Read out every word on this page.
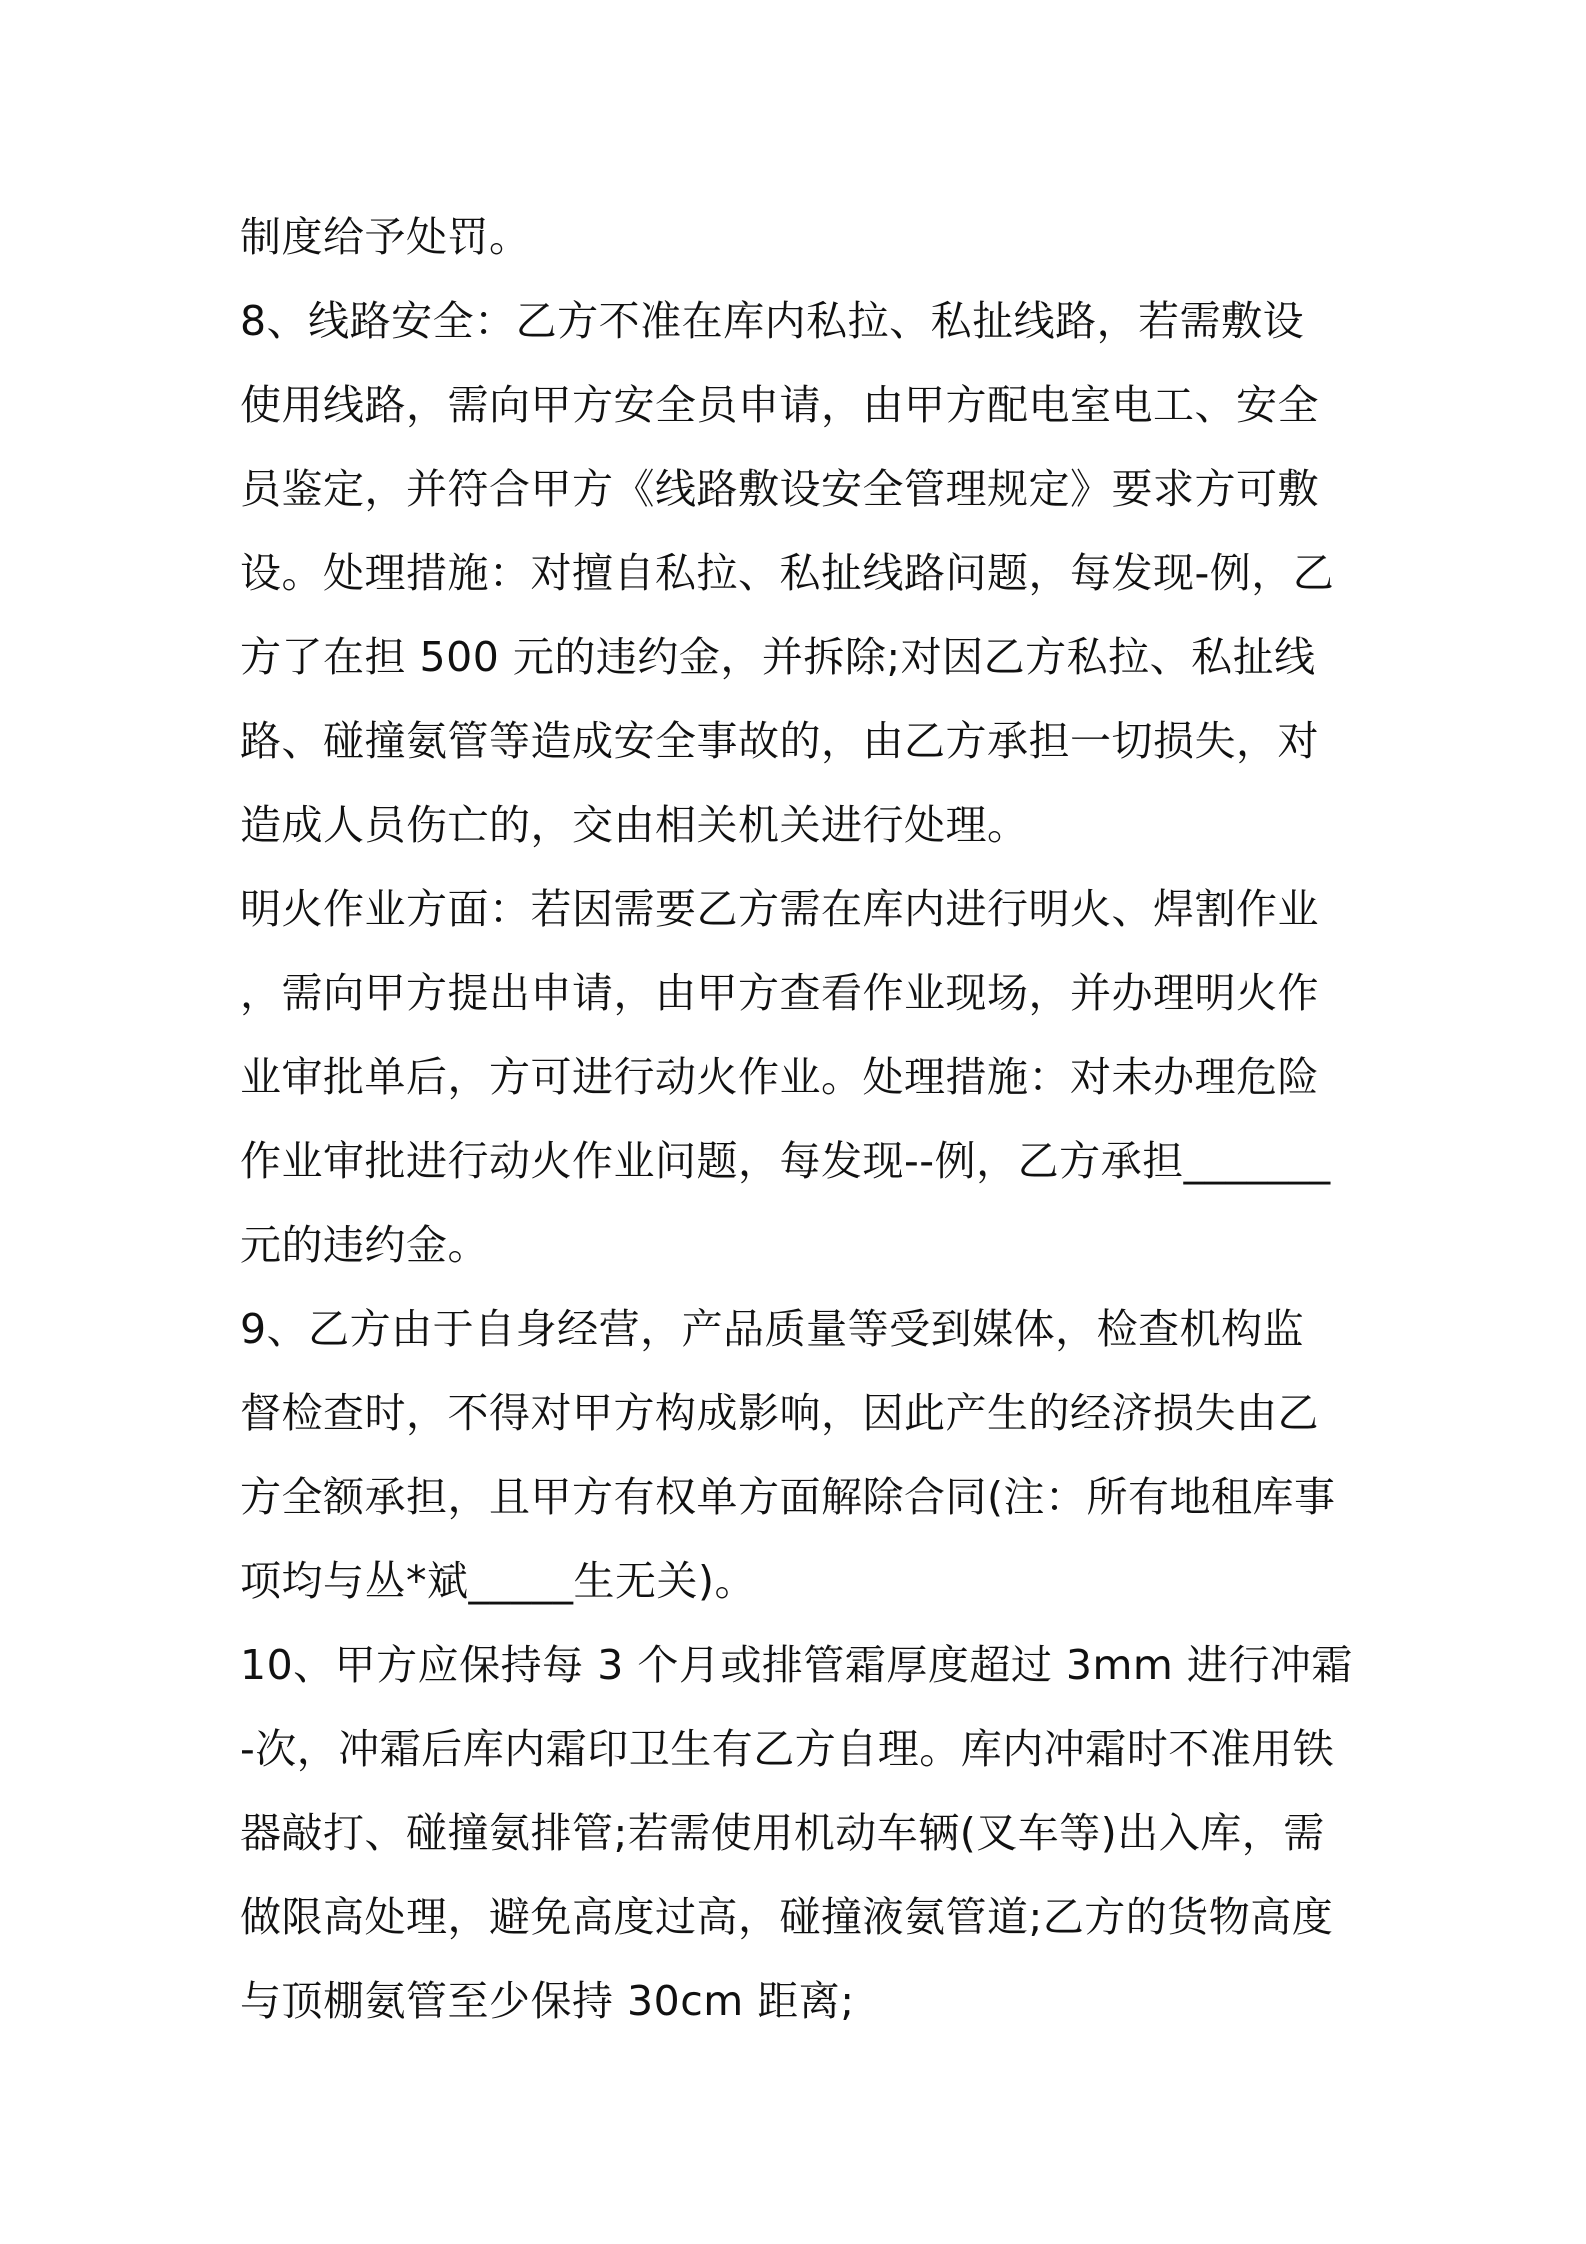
制度给予处罚。
8、线路安全：乙方不准在库内私拉、私扯线路，若需敷设
使用线路，需向甲方安全员申请，由甲方配电室电工、安全
员鉴定，并符合甲方《线路敷设安全管理规定》要求方可敷
设。处理措施：对擅自私拉、私扯线路问题，每发现-例，乙
方了在担 500 元的违约金，并拆除;对因乙方私拉、私扯线
路、碰撞氨管等造成安全事故的，由乙方承担一切损失，对
造成人员伤亡的，交由相关机关进行处理。
明火作业方面：若因需要乙方需在库内进行明火、焊割作业
，需向甲方提出申请，由甲方查看作业现场，并办理明火作
业审批单后，方可进行动火作业。处理措施：对未办理危险
作业审批进行动火作业问题，每发现--例，乙方承担_______
元的违约金。
9、乙方由于自身经营，产品质量等受到媒体，检查机构监
督检查时，不得对甲方构成影响，因此产生的经济损失由乙
方全额承担，且甲方有权单方面解除合同(注：所有地租库事
项均与丛*斌_____生无关)。
10、甲方应保持每 3 个月或排管霜厚度超过 3mm 进行冲霜
-次，冲霜后库内霜印卫生有乙方自理。库内冲霜时不准用铁
器敲打、碰撞氨排管;若需使用机动车辆(叉车等)出入库，需
做限高处理，避免高度过高，碰撞液氨管道;乙方的货物高度
与顶棚氨管至少保持 30cm 距离;
